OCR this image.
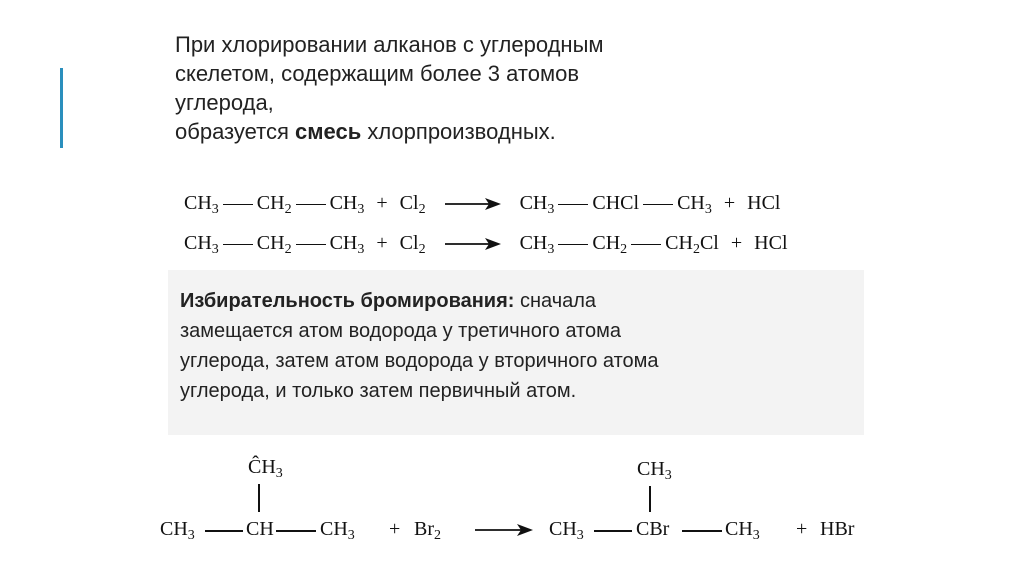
При хлорировании алканов с углеродным
скелетом, содержащим более 3 атомов
углерода,
образуется смесь хлорпроизводных.
$CH_3$ $CH_2$ $CH_3 + Cl_2 \to CH_3$ CHCl $CH_3$ + HCl
$CH_3$ $CH_2$ $CH_3 + Cl_2 \to CH_3$ $CH_2$ $CH_2Cl$ + HCl
Избирательность бромирования: сначала
замещается атом водорода у третичного атома
углерода, затем атом водорода у вторичного атома
углерода, и только затем первичный атом.
$ĈH_3$
$CH_3$	CH $CH_3 + Br_2$
$CH_3$
$CH_3$	CBr	$CH_3$ + HBr
